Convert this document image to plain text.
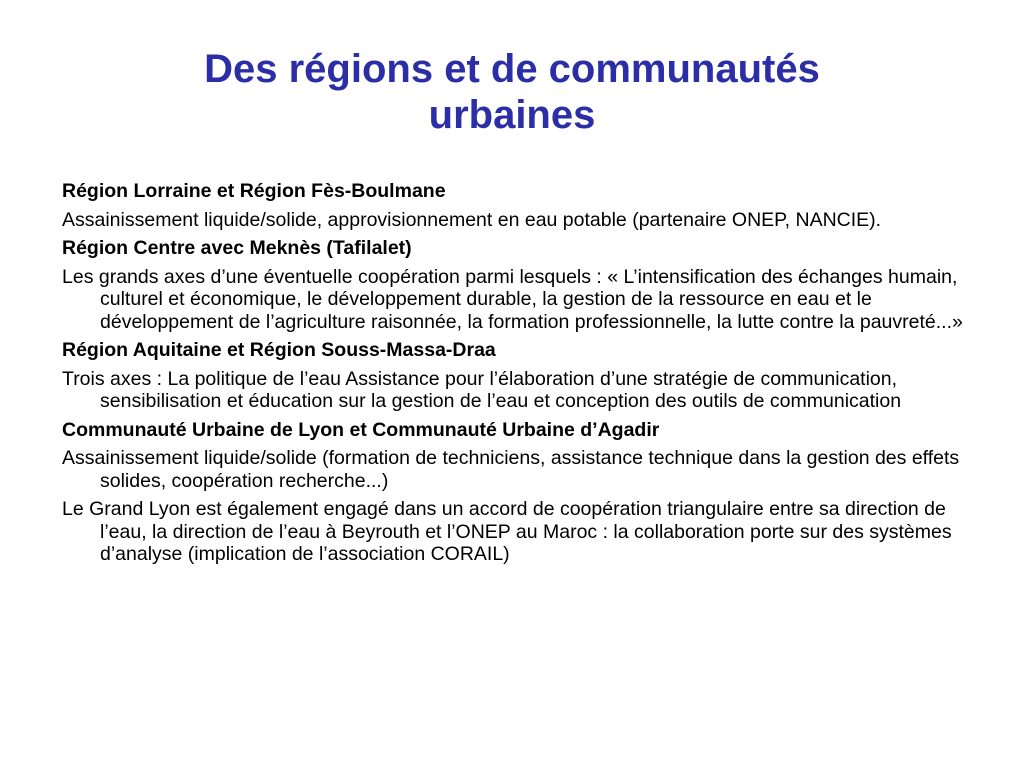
Des régions et de communautés
urbaines

Région Lorraine et Région Fès-Boulmane

Assainissement liquide/solide, approvisionnement en eau potable (partenaire ONEP, NANCIE).

Région Centre avec Meknès (Tafilalet)

Les grands axes d’une éventuelle coopération parmi lesquels : « L’intensification des échanges humain, culturel et économique, le développement durable, la gestion de la ressource en eau et le développement de l’agriculture raisonnée, la formation professionnelle, la lutte contre la pauvreté...»

Région Aquitaine et Région Souss-Massa-Draa

Trois axes : La politique de l’eau Assistance pour l’élaboration d’une stratégie de communication, sensibilisation et éducation sur la gestion de l’eau et conception des outils de communication

Communauté Urbaine de Lyon et Communauté Urbaine d’Agadir

Assainissement liquide/solide (formation de techniciens, assistance technique dans la gestion des effets solides, coopération recherche...)

Le Grand Lyon est également engagé dans un accord de coopération triangulaire entre sa direction de l’eau, la direction de l’eau à Beyrouth et l’ONEP au Maroc : la collaboration porte sur des systèmes d’analyse (implication de l’association CORAIL)
